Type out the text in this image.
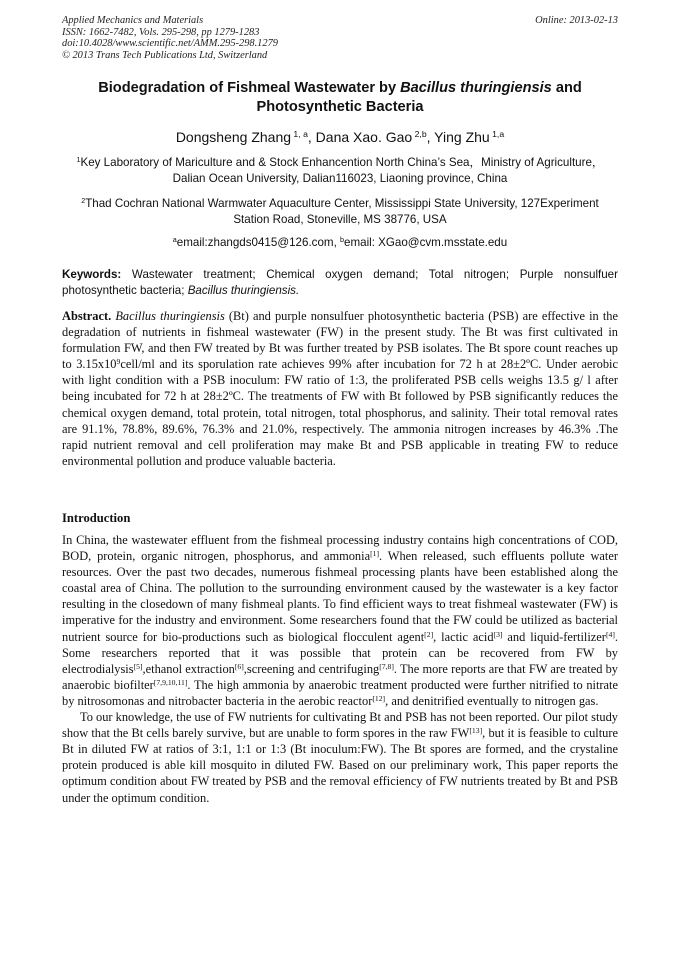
Applied Mechanics and Materials
ISSN: 1662-7482, Vols. 295-298, pp 1279-1283
doi:10.4028/www.scientific.net/AMM.295-298.1279
© 2013 Trans Tech Publications Ltd, Switzerland
Online: 2013-02-13
Biodegradation of Fishmeal Wastewater by Bacillus thuringiensis and Photosynthetic Bacteria
Dongsheng Zhang $^{1, a}$, Dana Xao. Gao $^{2,b}$, Ying Zhu $^{1,a}$
$^1$Key Laboratory of Mariculture and & Stock Enhancention North China’s Sea，Ministry of Agriculture，Dalian Ocean University, Dalian116023, Liaoning province, China
$^2$Thad Cochran National Warmwater Aquaculture Center, Mississippi State University, 127Experiment Station Road, Stoneville, MS 38776, USA
$^a$email:zhangds0415@126.com, $^b$email: XGao@cvm.msstate.edu
Keywords: Wastewater treatment; Chemical oxygen demand; Total nitrogen; Purple nonsulfuer photosynthetic bacteria; Bacillus thuringiensis.

Abstract. Bacillus thuringiensis (Bt) and purple nonsulfuer photosynthetic bacteria (PSB) are effective in the degradation of nutrients in fishmeal wastewater (FW) in the present study. The Bt was first cultivated in formulation FW, and then FW treated by Bt was further treated by PSB isolates. The Bt spore count reaches up to $3.15x10^9cell/ml$ and its sporulation rate achieves 99% after incubation for 72 h at 28±2ºC. Under aerobic with light condition with a PSB inoculum: FW ratio of 1:3, the proliferated PSB cells weighs 13.5 g/ l after being incubated for 72 h at 28±2ºC. The treatments of FW with Bt followed by PSB significantly reduces the chemical oxygen demand, total protein, total nitrogen, total phosphorus, and salinity. Their total removal rates are 91.1%, 78.8%, 89.6%, 76.3% and 21.0%, respectively. The ammonia nitrogen increases by 46.3% .The rapid nutrient removal and cell proliferation may make Bt and PSB applicable in treating FW to reduce environmental pollution and produce valuable bacteria.

Introduction

In China, the wastewater effluent from the fishmeal processing industry contains high concentrations of COD, BOD, protein, organic nitrogen, phosphorus, and ammonia[1]. When released, such effluents pollute water resources. Over the past two decades, numerous fishmeal processing plants have been established along the coastal area of China. The pollution to the surrounding environment caused by the wastewater is a key factor resulting in the closedown of many fishmeal plants. To find efficient ways to treat fishmeal wastewater (FW) is imperative for the industry and environment. Some researchers found that the FW could be utilized as bacterial nutrient source for bio-productions such as biological flocculent agent[2], lactic acid[3] and liquid-fertilizer[4]. Some researchers reported that it was possible that protein can be recovered from FW by electrodialysis[5],ethanol extraction[6],screening and centrifuging[7,8]. The more reports are that FW are treated by anaerobic biofilter[7,9,10,11]. The high ammonia by anaerobic treatment producted were further nitrified to nitrate by nitrosomonas and nitrobacter bacteria in the aerobic reactor[12], and denitrified eventually to nitrogen gas.

To our knowledge, the use of FW nutrients for cultivating Bt and PSB has not been reported. Our pilot study show that the Bt cells barely survive, but are unable to form spores in the raw FW[13], but it is feasible to culture Bt in diluted FW at ratios of 3:1, 1:1 or 1:3 (Bt inoculum:FW). The Bt spores are formed, and the crystaline protein produced is able kill mosquito in diluted FW. Based on our preliminary work, This paper reports the optimum condition about FW treated by PSB and the removal efficiency of FW nutrients treated by Bt and PSB under the optimum condition.
